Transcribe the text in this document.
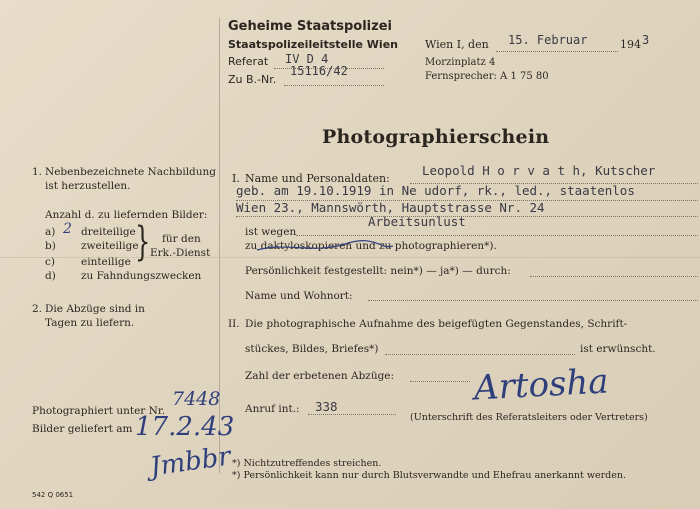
Geheime Staatspolizei
Staatspolizeileitstelle Wien
Referat IV D 4
Zu B.-Nr.
15116/42
Wien I, den 15. Februar	194 3
Morzinplatz 4
Fernsprecher: A 1 75 80
Photographierschein
1. Nebenbezeichnete Nachbildung
ist herzustellen.
Anzahl d. zu liefernden Bilder:
a) 2 dreiteilige
b) zweiteilige
c) einteilige
d) zu Fahndungszwecken
} für den
Erk.-Dienst
2. Die Abzüge sind in
Tagen zu liefern.
Photographiert unter Nr.
7448
Bilder geliefert am 17.2.43
Jmbbr
542 Q 0651
I. Name und Personaldaten:
Leopold H o r v a t h, Kutscher
geb. am 19.10.1919 in Ne udorf, rk., led., staatenlos
Wien 23., Mannswörth, Hauptstrasse Nr. 24
ist wegen
Arbeitsunlust
zu daktyloskopieren und zu photographieren*).
Persönlichkeit festgestellt: nein*) — ja*) — durch:
Name und Wohnort:
II. Die photographische Aufnahme des beigefügten Gegenstandes, Schrift-
stückes, Bildes, Briefes*)	ist erwünscht.
Zahl der erbetenen Abzüge:
Anruf int.: 338	Artosha
(Unterschrift des Referatsleiters oder Vertreters)
*) Nichtzutreffendes streichen.
*) Persönlichkeit kann nur durch Blutsverwandte und Ehefrau anerkannt werden.
